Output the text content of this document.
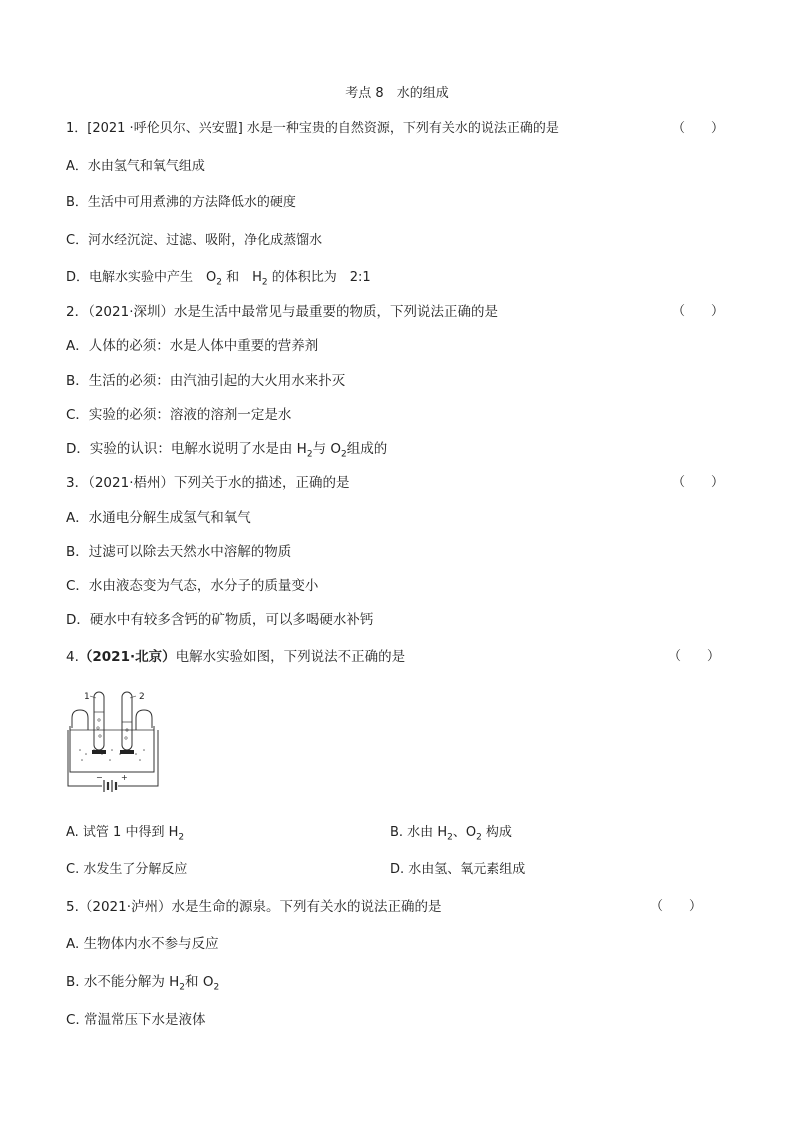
考点 8　水的组成
1．[2021 ·呼伦贝尔、兴安盟] 水是一种宝贵的自然资源，下列有关水的说法正确的是	（　　）
A．水由氢气和氧气组成
B．生活中可用煮沸的方法降低水的硬度
C．河水经沉淀、过滤、吸附，净化成蒸馏水
D．电解水实验中产生　$O_2$ 和　$H_2$ 的体积比为　2:1
2．（2021·深圳）水是生活中最常见与最重要的物质，下列说法正确的是	（　　）
A．人体的必须：水是人体中重要的营养剂
B．生活的必须：由汽油引起的大火用水来扑灭
C．实验的必须：溶液的溶剂一定是水
D．实验的认识：电解水说明了水是由 $H_2$与 $O_2$组成的
3．（2021·梧州）下列关于水的描述，正确的是	（　　）
A．水通电分解生成氢气和氧气
B．过滤可以除去天然水中溶解的物质
C．水由液态变为气态，水分子的质量变小
D．硬水中有较多含钙的矿物质，可以多喝硬水补钙
4.（2021·北京）电解水实验如图，下列说法不正确的是	（　　）
1	2
− +
A. 试管 1 中得到 $H_2$	B. 水由 $H_2$、$O_2$ 构成
C. 水发生了分解反应	D. 水由氢、氧元素组成
5.（2021·泸州）水是生命的源泉。下列有关水的说法正确的是	（　　）
A. 生物体内水不参与反应
B. 水不能分解为 $H_2$和 $O_2$
C. 常温常压下水是液体
